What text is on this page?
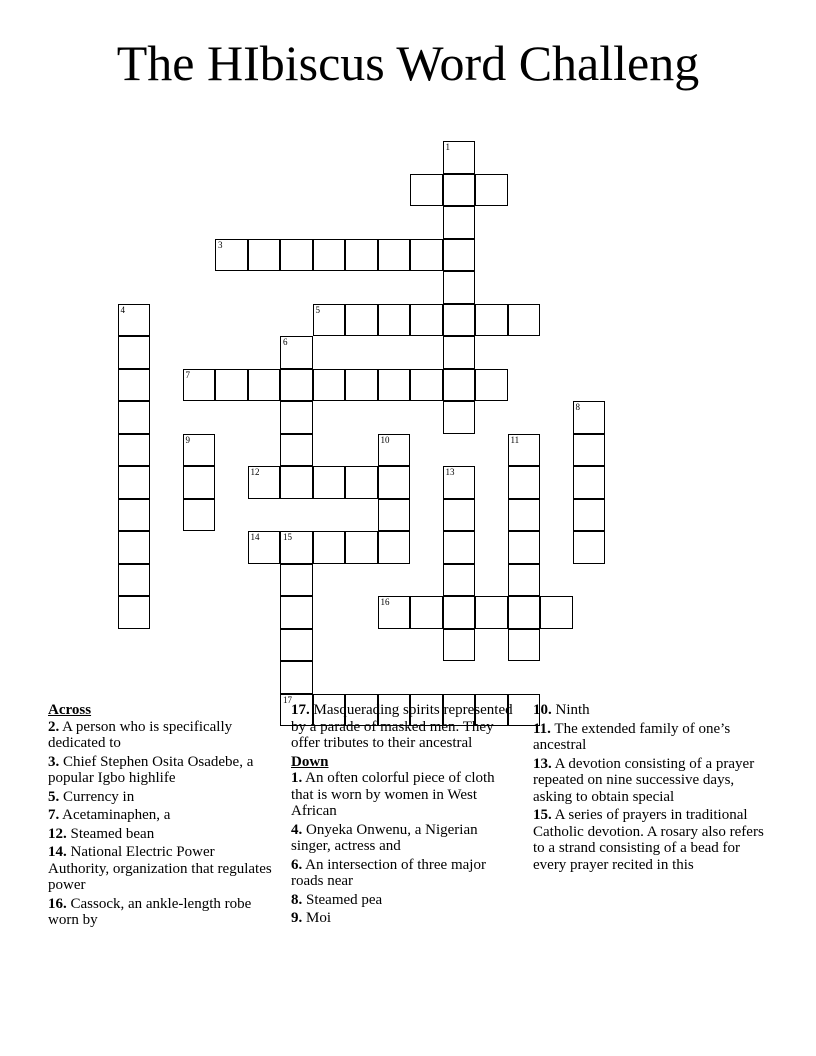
The HIbiscus Word Challeng
1
3
4	5
6
7
8
9	10	11
12	13
14	15
16
17
Across
2. A person who is specifically dedicated to
3. Chief Stephen Osita Osadebe, a popular Igbo highlife
5. Currency in
7. Acetaminaphen, a
12. Steamed bean
14. National Electric Power Authority, organization that regulates power
16. Cassock, an ankle-length robe worn by
17. Masquerading spirits represented by a parade of masked men. They offer tributes to their ancestral
Down
1. An often colorful piece of cloth that is worn by women in West African
4. Onyeka Onwenu, a Nigerian singer, actress and
6. An intersection of three major roads near
8. Steamed pea
9. Moi
10. Ninth
11. The extended family of one’s ancestral
13. A devotion consisting of a prayer repeated on nine successive days, asking to obtain special
15. A series of prayers in traditional Catholic devotion. A rosary also refers to a strand consisting of a bead for every prayer recited in this
